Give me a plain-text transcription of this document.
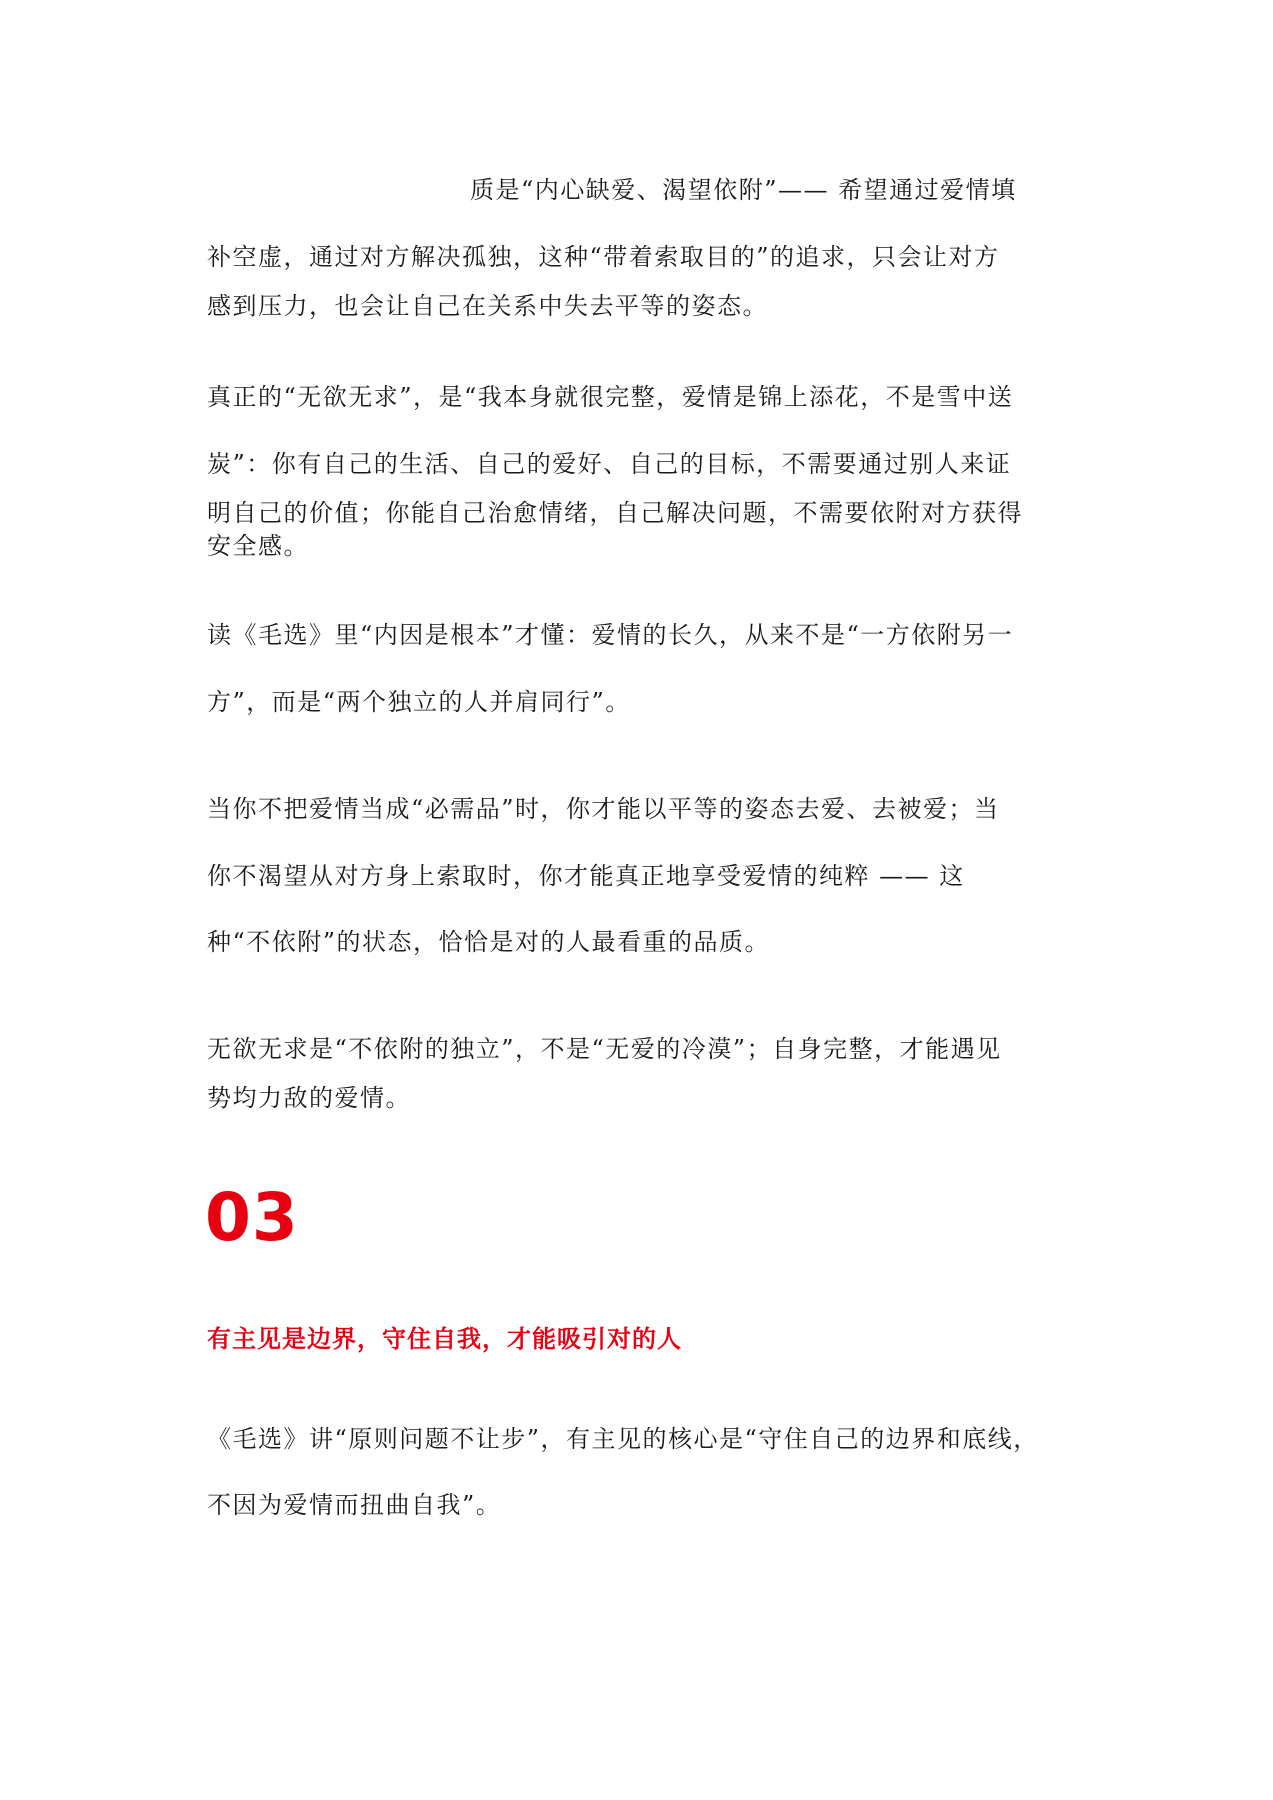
质是“内心缺爱、渴望依附”—— 希望通过爱情填
补空虚，通过对方解决孤独，这种“带着索取目的”的追求，只会让对方
感到压力，也会让自己在关系中失去平等的姿态。
真正的“无欲无求”，是“我本身就很完整，爱情是锦上添花，不是雪中送
炭”：你有自己的生活、自己的爱好、自己的目标，不需要通过别人来证
明自己的价值；你能自己治愈情绪，自己解决问题，不需要依附对方获得
安全感。
读《毛选》里“内因是根本”才懂：爱情的长久，从来不是“一方依附另一
方”，而是“两个独立的人并肩同行”。
当你不把爱情当成“必需品”时，你才能以平等的姿态去爱、去被爱；当
你不渴望从对方身上索取时，你才能真正地享受爱情的纯粹 —— 这
种“不依附”的状态，恰恰是对的人最看重的品质。
无欲无求是“不依附的独立”，不是“无爱的冷漠”；自身完整，才能遇见
势均力敌的爱情。
03
有主见是边界，守住自我，才能吸引对的人
《毛选》讲“原则问题不让步”，有主见的核心是“守住自己的边界和底线，
不因为爱情而扭曲自我”。
